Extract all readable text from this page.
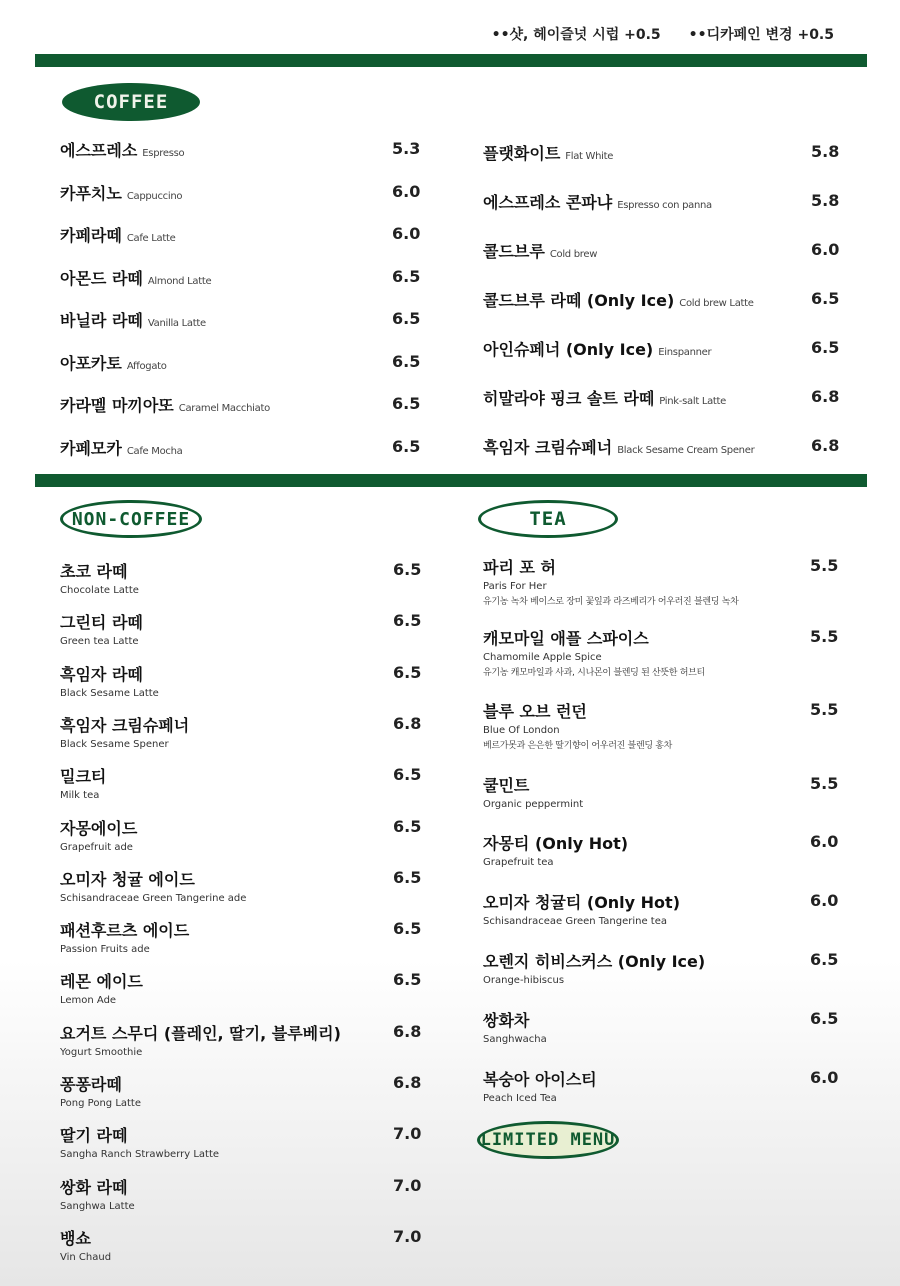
••샷, 헤이즐넛 시럽 +0.5 ••디카페인 변경 +0.5
COFFEE
NON-COFFEE	TEA
LIMITED MENU
에스프레소 Espresso	5.3
카푸치노 Cappuccino	6.0
카페라떼 Cafe Latte	6.0
아몬드 라떼 Almond Latte	6.5
바닐라 라떼 Vanilla Latte	6.5
아포카토 Affogato	6.5
카라멜 마끼아또 Caramel Macchiato	6.5
카페모카 Cafe Mocha	6.5
플랫화이트 Flat White	5.8
에스프레소 콘파냐 Espresso con panna	5.8
콜드브루 Cold brew	6.0
콜드브루 라떼 (Only Ice) Cold brew Latte	6.5
아인슈페너 (Only Ice) Einspanner	6.5
히말라야 핑크 솔트 라떼 Pink-salt Latte	6.8
흑임자 크림슈페너 Black Sesame Cream Spener	6.8
초코 라떼
Chocolate Latte
6.5
그린티 라떼
Green tea Latte
6.5
흑임자 라떼
Black Sesame Latte
6.5
흑임자 크림슈페너
Black Sesame Spener
6.8
밀크티
Milk tea
6.5
자몽에이드
Grapefruit ade
6.5
오미자 청귤 에이드
Schisandraceae Green Tangerine ade
6.5
패션후르츠 에이드
Passion Fruits ade
6.5
레몬 에이드
Lemon Ade
6.5
요거트 스무디 (플레인, 딸기, 블루베리)
Yogurt Smoothie
6.8
퐁퐁라떼
Pong Pong Latte
6.8
딸기 라떼
Sangha Ranch Strawberry Latte
7.0
쌍화 라떼
Sanghwa Latte
7.0
뱅쇼
Vin Chaud
7.0
파리 포 허
Paris For Her
유기농 녹차 베이스로 장미 꽃잎과 라즈베리가 어우러진 블렌딩 녹차
5.5
캐모마일 애플 스파이스
Chamomile Apple Spice
유기농 캐모마일과 사과, 시나몬이 블렌딩 된 산뜻한 허브티
5.5
블루 오브 런던
Blue Of London
베르가못과 은은한 딸기향이 어우러진 블렌딩 홍차
5.5
쿨민트
Organic peppermint
5.5
자몽티 (Only Hot)
Grapefruit tea
6.0
오미자 청귤티 (Only Hot)
Schisandraceae Green Tangerine tea
6.0
오렌지 히비스커스 (Only Ice)
Orange-hibiscus
6.5
쌍화차
Sanghwacha
6.5
복숭아 아이스티
Peach Iced Tea
6.0
